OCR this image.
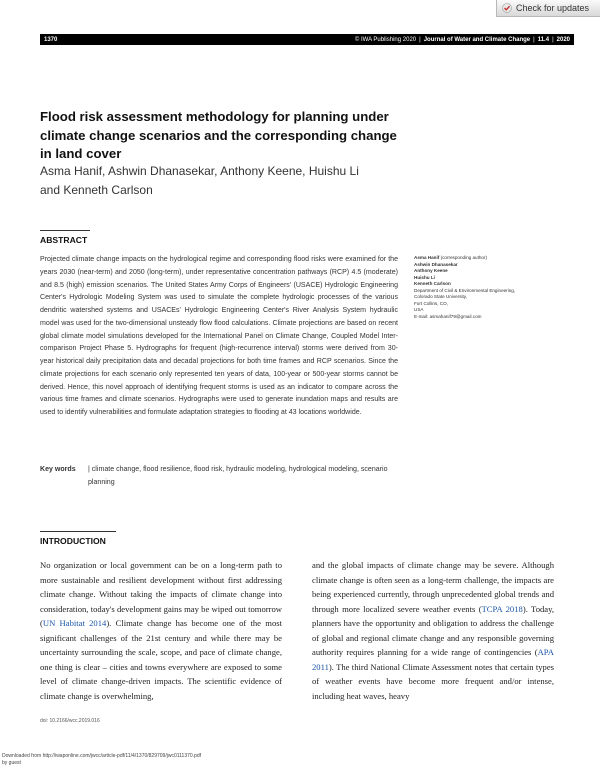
Check for updates
1370	© IWA Publishing 2020 | Journal of Water and Climate Change | 11.4 | 2020
Flood risk assessment methodology for planning under climate change scenarios and the corresponding change in land cover
Asma Hanif, Ashwin Dhanasekar, Anthony Keene, Huishu Li
and Kenneth Carlson
ABSTRACT

Projected climate change impacts on the hydrological regime and corresponding flood risks were examined for the years 2030 (near-term) and 2050 (long-term), under representative concentration pathways (RCP) 4.5 (moderate) and 8.5 (high) emission scenarios. The United States Army Corps of Engineers' (USACE) Hydrologic Engineering Center's Hydrologic Modeling System was used to simulate the complete hydrologic processes of the various dendritic watershed systems and USACEs' Hydrologic Engineering Center's River Analysis System hydraulic model was used for the two-dimensional unsteady flow flood calculations. Climate projections are based on recent global climate model simulations developed for the International Panel on Climate Change, Coupled Model Inter-comparison Project Phase 5. Hydrographs for frequent (high-recurrence interval) storms were derived from 30-year historical daily precipitation data and decadal projections for both time frames and RCP scenarios. Since the climate projections for each scenario only represented ten years of data, 100-year or 500-year storms cannot be derived. Hence, this novel approach of identifying frequent storms is used as an indicator to compare across the various time frames and climate scenarios. Hydrographs were used to generate inundation maps and results are used to identify vulnerabilities and formulate adaptation strategies to flooding at 43 locations worldwide.

Key words	| climate change, flood resilience, flood risk, hydraulic modeling, hydrological modeling, scenario planning
Asma Hanif (corresponding author)
Ashwin Dhanasekar
Anthony Keene
Huishu Li
Kenneth Carlson
Department of Civil & Environmental Engineering,
Colorado State University,
Fort Collins, CO,
USA
E-mail: asmahanif79@gmail.com
INTRODUCTION

No organization or local government can be on a long-term path to more sustainable and resilient development without first addressing climate change. Without taking the impacts of climate change into consideration, today's development gains may be wiped out tomorrow (UN Habitat 2014). Climate change has become one of the most significant challenges of the 21st century and while there may be uncertainty surrounding the scale, scope, and pace of climate change, one thing is clear – cities and towns everywhere are exposed to some level of climate change-driven impacts. The scientific evidence of climate change is overwhelming,

and the global impacts of climate change may be severe. Although climate change is often seen as a long-term challenge, the impacts are being experienced currently, through unprecedented global trends and through more localized severe weather events (TCPA 2018). Today, planners have the opportunity and obligation to address the challenge of global and regional climate change and any responsible governing authority requires planning for a wide range of contingencies (APA 2011). The third National Climate Assessment notes that certain types of weather events have become more frequent and/or intense, including heat waves, heavy

doi: 10.2166/wcc.2019.016
Downloaded from http://iwaponline.com/jwcc/article-pdf/11/4/1370/829709/jwc0111370.pdf
by guest
